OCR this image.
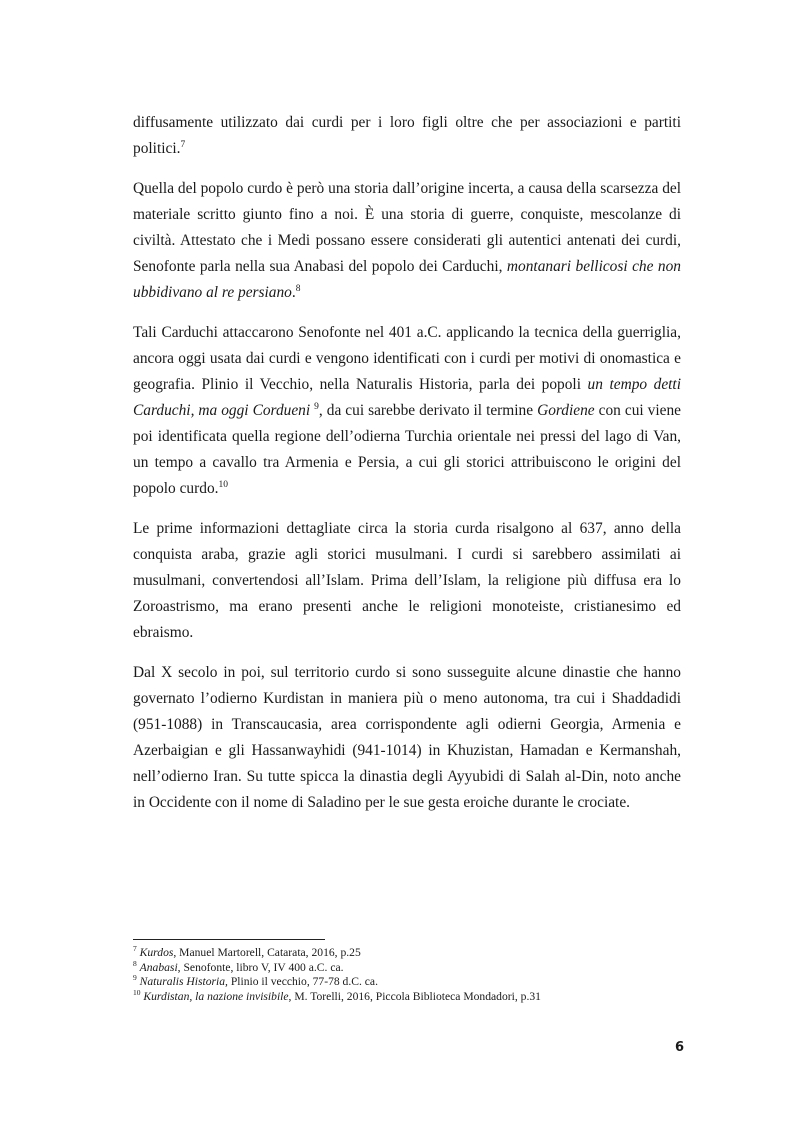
diffusamente utilizzato dai curdi per i loro figli oltre che per associazioni e partiti politici.$^7$

Quella del popolo curdo è però una storia dall’origine incerta, a causa della scarsezza del materiale scritto giunto fino a noi. È una storia di guerre, conquiste, mescolanze di civiltà. Attestato che i Medi possano essere considerati gli autentici antenati dei curdi, Senofonte parla nella sua Anabasi del popolo dei Carduchi, montanari bellicosi che non ubbidivano al re persiano.$^8$

Tali Carduchi attaccarono Senofonte nel 401 a.C. applicando la tecnica della guerriglia, ancora oggi usata dai curdi e vengono identificati con i curdi per motivi di onomastica e geografia. Plinio il Vecchio, nella Naturalis Historia, parla dei popoli un tempo detti Carduchi, ma oggi Cordueni $^9$, da cui sarebbe derivato il termine Gordiene con cui viene poi identificata quella regione dell’odierna Turchia orientale nei pressi del lago di Van, un tempo a cavallo tra Armenia e Persia, a cui gli storici attribuiscono le origini del popolo curdo.$^{10}$

Le prime informazioni dettagliate circa la storia curda risalgono al 637, anno della conquista araba, grazie agli storici musulmani. I curdi si sarebbero assimilati ai musulmani, convertendosi all’Islam. Prima dell’Islam, la religione più diffusa era lo Zoroastrismo, ma erano presenti anche le religioni monoteiste, cristianesimo ed ebraismo.

Dal X secolo in poi, sul territorio curdo si sono susseguite alcune dinastie che hanno governato l’odierno Kurdistan in maniera più o meno autonoma, tra cui i Shaddadidi (951-1088) in Transcaucasia, area corrispondente agli odierni Georgia, Armenia e Azerbaigian e gli Hassanwayhidi (941-1014) in Khuzistan, Hamadan e Kermanshah, nell’odierno Iran. Su tutte spicca la dinastia degli Ayyubidi di Salah al-Din, noto anche in Occidente con il nome di Saladino per le sue gesta eroiche durante le crociate.

$^7$ Kurdos, Manuel Martorell, Catarata, 2016, p.25
$^8$ Anabasi, Senofonte, libro V, IV 400 a.C. ca.
$^9$ Naturalis Historia, Plinio il vecchio, 77-78 d.C. ca.
$^{10}$ Kurdistan, la nazione invisibile, M. Torelli, 2016, Piccola Biblioteca Mondadori, p.31
6
